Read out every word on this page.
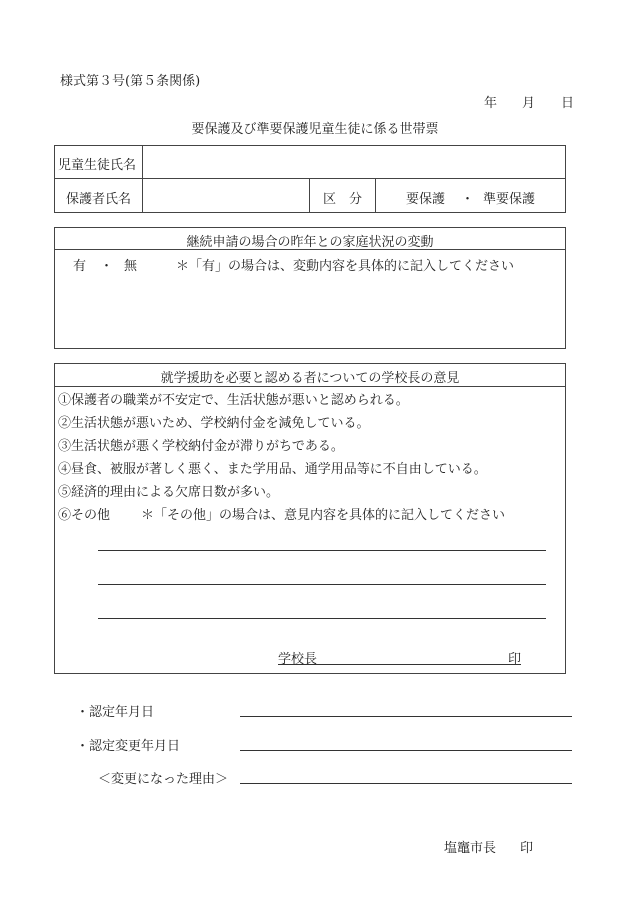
様式第３号(第５条関係)
年 月 日
要保護及び準要保護児童生徒に係る世帯票
児童生徒氏名
保護者氏名	区　分	要保護 ・ 準要保護
継続申請の場合の昨年との家庭状況の変動
有 ・ 無	＊「有」の場合は、変動内容を具体的に記入してください
就学援助を必要と認める者についての学校長の意見
①保護者の職業が不安定で、生活状態が悪いと認められる。
②生活状態が悪いため、学校納付金を減免している。
③生活状態が悪く学校納付金が滞りがちである。
④昼食、被服が著しく悪く、また学用品、通学用品等に不自由している。
⑤経済的理由による欠席日数が多い。
⑥その他 ＊「その他」の場合は、意見内容を具体的に記入してください
学校長	印
・認定年月日
・認定変更年月日
＜変更になった理由＞
塩竈市長 印
